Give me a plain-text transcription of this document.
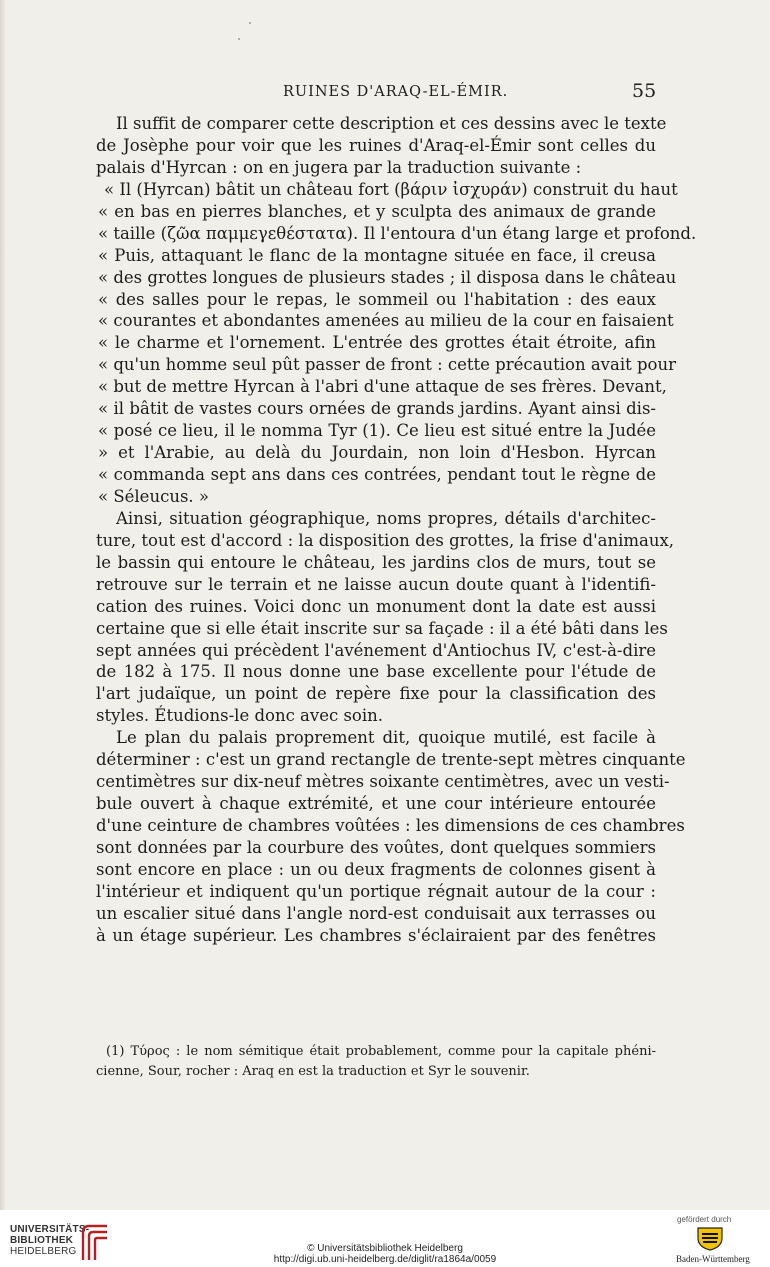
RUINES D'ARAQ-EL-ÉMIR.	55
Il suffit de comparer cette description et ces dessins avec le texte
de Josèphe pour voir que les ruines d'Araq-el-Émir sont celles du
palais d'Hyrcan : on en jugera par la traduction suivante :
« Il (Hyrcan) bâtit un château fort (βάριν ἰσχυράν) construit du haut
« en bas en pierres blanches, et y sculpta des animaux de grande
« taille (ζῶα παμμεγεθέστατα). Il l'entoura d'un étang large et profond.
« Puis, attaquant le flanc de la montagne située en face, il creusa
« des grottes longues de plusieurs stades ; il disposa dans le château
« des salles pour le repas, le sommeil ou l'habitation : des eaux
« courantes et abondantes amenées au milieu de la cour en faisaient
« le charme et l'ornement. L'entrée des grottes était étroite, afin
« qu'un homme seul pût passer de front : cette précaution avait pour
« but de mettre Hyrcan à l'abri d'une attaque de ses frères. Devant,
« il bâtit de vastes cours ornées de grands jardins. Ayant ainsi dis-
« posé ce lieu, il le nomma Tyr (1). Ce lieu est situé entre la Judée
» et l'Arabie, au delà du Jourdain, non loin d'Hesbon. Hyrcan
« commanda sept ans dans ces contrées, pendant tout le règne de
« Séleucus. »
Ainsi, situation géographique, noms propres, détails d'architec-
ture, tout est d'accord : la disposition des grottes, la frise d'animaux,
le bassin qui entoure le château, les jardins clos de murs, tout se
retrouve sur le terrain et ne laisse aucun doute quant à l'identifi-
cation des ruines. Voici donc un monument dont la date est aussi
certaine que si elle était inscrite sur sa façade : il a été bâti dans les
sept années qui précèdent l'avénement d'Antiochus IV, c'est-à-dire
de 182 à 175. Il nous donne une base excellente pour l'étude de
l'art judaïque, un point de repère fixe pour la classification des
styles. Étudions-le donc avec soin.
Le plan du palais proprement dit, quoique mutilé, est facile à
déterminer : c'est un grand rectangle de trente-sept mètres cinquante
centimètres sur dix-neuf mètres soixante centimètres, avec un vesti-
bule ouvert à chaque extrémité, et une cour intérieure entourée
d'une ceinture de chambres voûtées : les dimensions de ces chambres
sont données par la courbure des voûtes, dont quelques sommiers
sont encore en place : un ou deux fragments de colonnes gisent à
l'intérieur et indiquent qu'un portique régnait autour de la cour :
un escalier situé dans l'angle nord-est conduisait aux terrasses ou
à un étage supérieur. Les chambres s'éclairaient par des fenêtres
(1) Τύρος : le nom sémitique était probablement, comme pour la capitale phéni-
cienne, Sour, rocher : Araq en est la traduction et Syr le souvenir.
UNIVERSITÄTS-
BIBLIOTHEK
HEIDELBERG	© Universitätsbibliothek Heidelberg
http://digi.ub.uni-heidelberg.de/diglit/ra1864a/0059
gefördert durch
Baden-Württemberg
